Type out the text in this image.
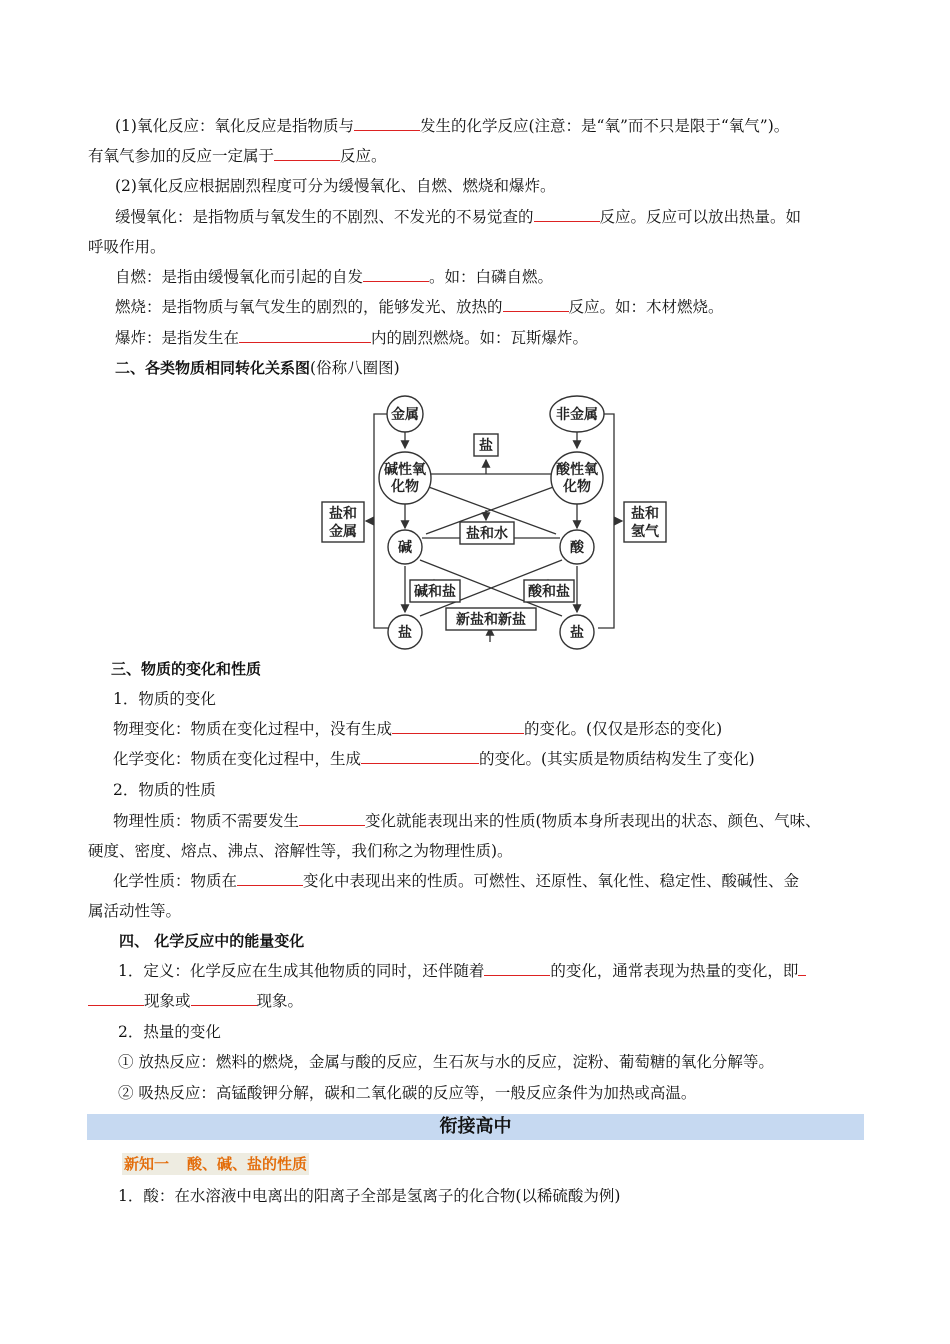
(1)氧化反应：氧化反应是指物质与	发生的化学反应(注意：是“氧”而不只是限于“氧气”)。
有氧气参加的反应一定属于	反应。
(2)氧化反应根据剧烈程度可分为缓慢氧化、自燃、燃烧和爆炸。
缓慢氧化：是指物质与氧发生的不剧烈、不发光的不易觉查的	反应。反应可以放出热量。如
呼吸作用。
自燃：是指由缓慢氧化而引起的自发	。如：白磷自燃。
燃烧：是指物质与氧气发生的剧烈的，能够发光、放热的	反应。如：木材燃烧。
爆炸：是指发生在	内的剧烈燃烧。如：瓦斯爆炸。
二、各类物质相同转化关系图(俗称八圈图)
金属	非金属
盐
碱性氧
化物
酸性氧
化物
盐和
金属
盐和
氢气
盐和水
碱	酸
碱和盐	酸和盐
新盐和新盐
盐	盐
三、物质的变化和性质
1．物质的变化
物理变化：物质在变化过程中，没有生成	的变化。(仅仅是形态的变化)
化学变化：物质在变化过程中，生成	的变化。(其实质是物质结构发生了变化)
2．物质的性质
物理性质：物质不需要发生	变化就能表现出来的性质(物质本身所表现出的状态、颜色、气味、
硬度、密度、熔点、沸点、溶解性等，我们称之为物理性质)。
化学性质：物质在	变化中表现出来的性质。可燃性、还原性、氧化性、稳定性、酸碱性、金
属活动性等。
四、 化学反应中的能量变化
1．定义：化学反应在生成其他物质的同时，还伴随着	的变化，通常表现为热量的变化，即
现象或	现象。
2．热量的变化
① 放热反应：燃料的燃烧，金属与酸的反应，生石灰与水的反应，淀粉、葡萄糖的氧化分解等。
② 吸热反应：高锰酸钾分解，碳和二氧化碳的反应等，一般反应条件为加热或高温。
衔接高中
新知一 酸、碱、盐的性质
1．酸：在水溶液中电离出的阳离子全部是氢离子的化合物(以稀硫酸为例)
